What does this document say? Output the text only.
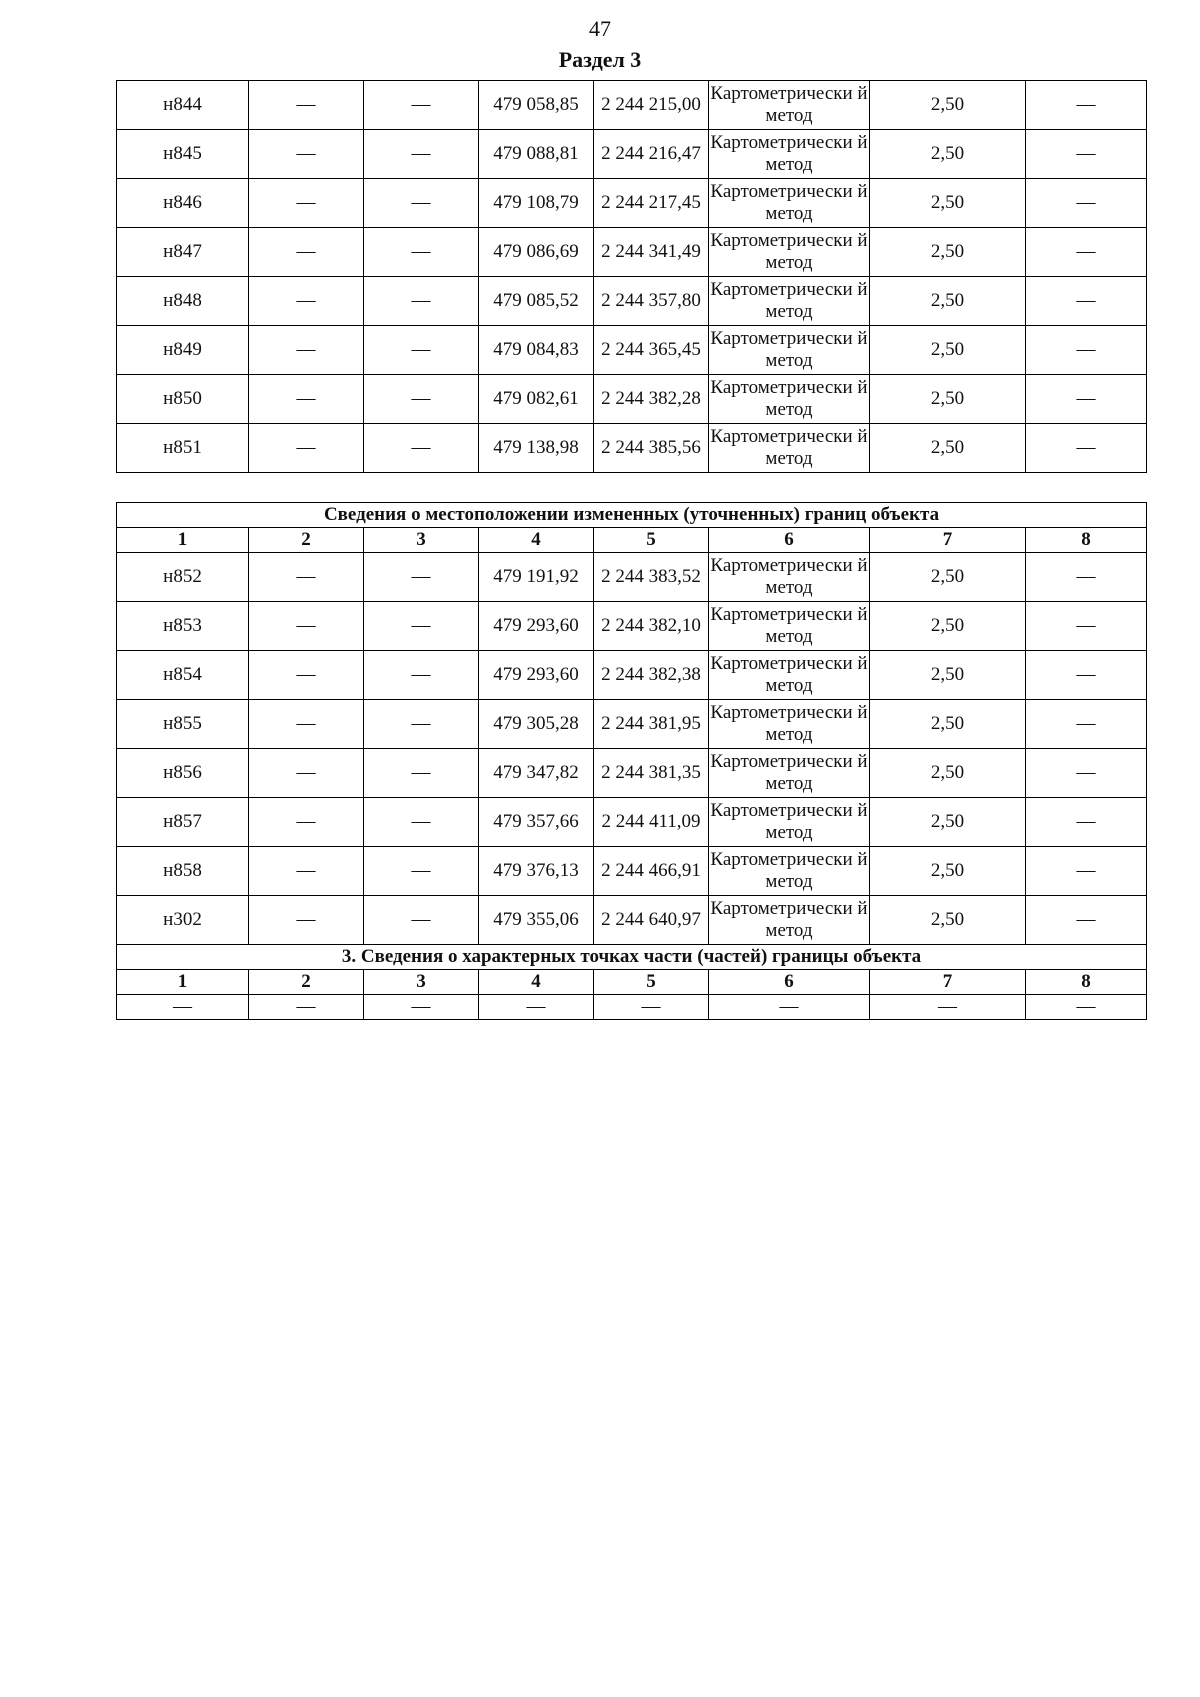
47
Раздел 3
н844	—	—	479 058,85	2 244 215,00	Картометрически й метод	2,50	—
н845	—	—	479 088,81	2 244 216,47	Картометрически й метод	2,50	—
н846	—	—	479 108,79	2 244 217,45	Картометрически й метод	2,50	—
н847	—	—	479 086,69	2 244 341,49	Картометрически й метод	2,50	—
н848	—	—	479 085,52	2 244 357,80	Картометрически й метод	2,50	—
н849	—	—	479 084,83	2 244 365,45	Картометрически й метод	2,50	—
н850	—	—	479 082,61	2 244 382,28	Картометрически й метод	2,50	—
н851	—	—	479 138,98	2 244 385,56	Картометрически й метод	2,50	—
Сведения о местоположении измененных (уточненных) границ объекта							
1	2	3	4	5	6	7	8
н852	—	—	479 191,92	2 244 383,52	Картометрически й метод	2,50	—
н853	—	—	479 293,60	2 244 382,10	Картометрически й метод	2,50	—
н854	—	—	479 293,60	2 244 382,38	Картометрически й метод	2,50	—
н855	—	—	479 305,28	2 244 381,95	Картометрически й метод	2,50	—
н856	—	—	479 347,82	2 244 381,35	Картометрически й метод	2,50	—
н857	—	—	479 357,66	2 244 411,09	Картометрически й метод	2,50	—
н858	—	—	479 376,13	2 244 466,91	Картометрически й метод	2,50	—
н302	—	—	479 355,06	2 244 640,97	Картометрически й метод	2,50	—
3. Сведения о характерных точках части (частей) границы объекта							
1	2	3	4	5	6	7	8
—	—	—	—	—	—	—	—
